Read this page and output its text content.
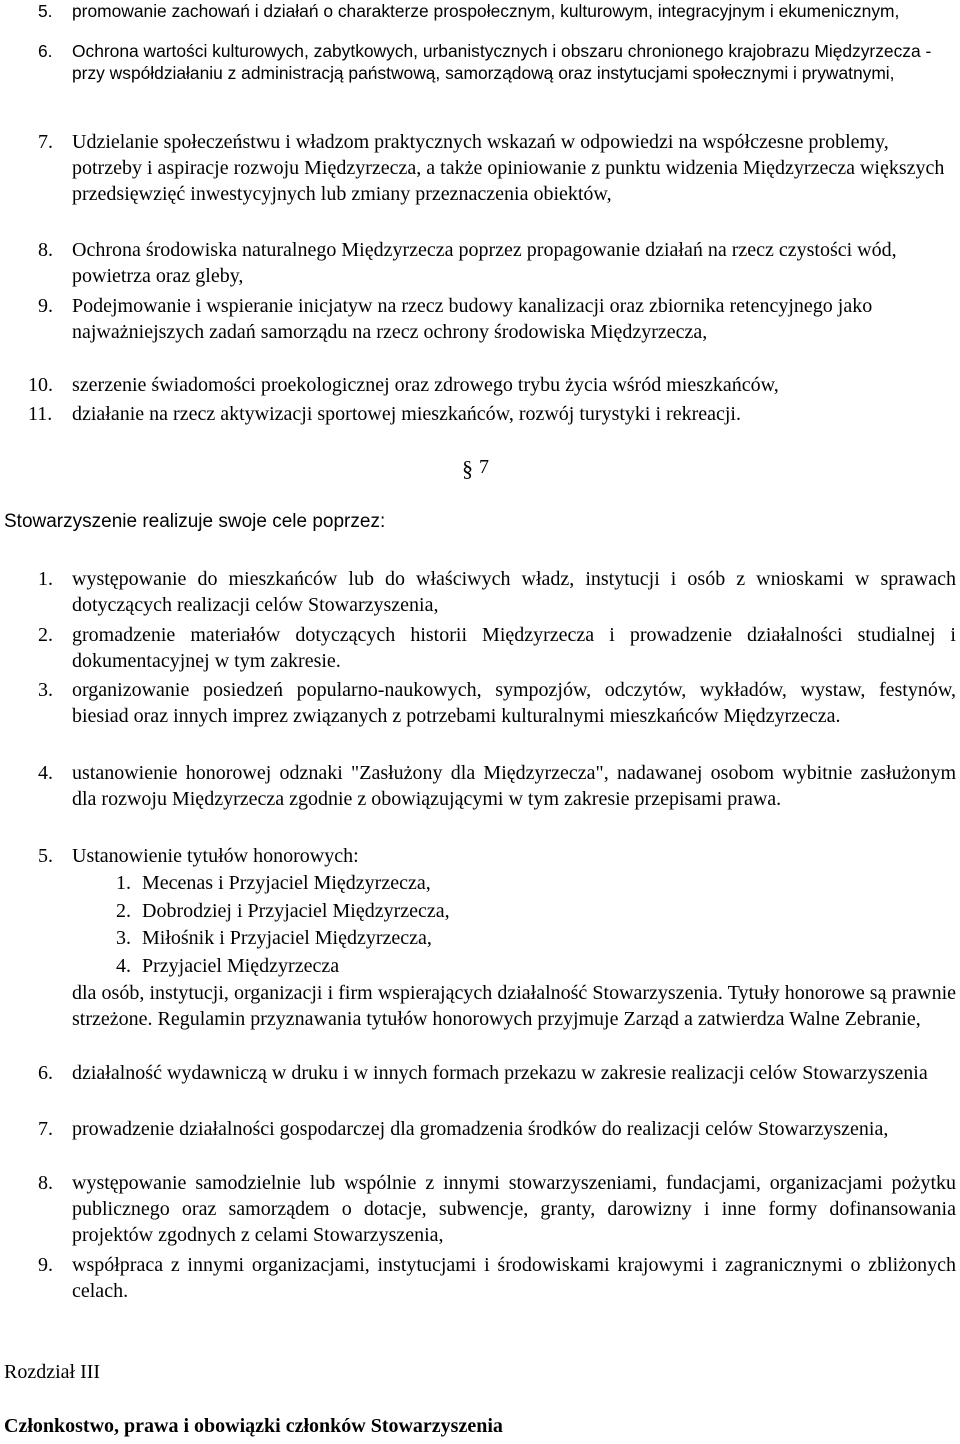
5. promowanie zachowań i działań o charakterze prospołecznym, kulturowym, integracyjnym i ekumenicznym,
6. Ochrona wartości kulturowych, zabytkowych, urbanistycznych i obszaru chronionego krajobrazu Międzyrzecza - przy współdziałaniu z administracją państwową, samorządową oraz instytucjami społecznymi i prywatnymi,
7. Udzielanie społeczeństwu i władzom praktycznych wskazań w odpowiedzi na współczesne problemy, potrzeby i aspiracje rozwoju Międzyrzecza, a także opiniowanie z punktu widzenia Międzyrzecza większych przedsięwzięć inwestycyjnych lub zmiany przeznaczenia obiektów,
8. Ochrona środowiska naturalnego Międzyrzecza poprzez propagowanie działań na rzecz czystości wód, powietrza oraz gleby,
9. Podejmowanie i wspieranie inicjatyw na rzecz budowy kanalizacji oraz zbiornika retencyjnego jako najważniejszych zadań samorządu na rzecz ochrony środowiska Międzyrzecza,
10. szerzenie świadomości proekologicznej oraz zdrowego trybu życia wśród mieszkańców,
11. działanie na rzecz aktywizacji sportowej mieszkańców, rozwój turystyki i rekreacji.
§ 7
Stowarzyszenie realizuje swoje cele poprzez:
1. występowanie do mieszkańców lub do właściwych władz, instytucji i osób z wnioskami w sprawach dotyczących realizacji celów Stowarzyszenia,
2. gromadzenie materiałów dotyczących historii Międzyrzecza i prowadzenie działalności studialnej i dokumentacyjnej w tym zakresie.
3. organizowanie posiedzeń popularno-naukowych, sympozjów, odczytów, wykładów, wystaw, festynów, biesiad oraz innych imprez związanych z potrzebami kulturalnymi mieszkańców Międzyrzecza.
4. ustanowienie honorowej odznaki "Zasłużony dla Międzyrzecza", nadawanej osobom wybitnie zasłużonym dla rozwoju Międzyrzecza zgodnie z obowiązującymi w tym zakresie przepisami prawa.
5. Ustanowienie tytułów honorowych:
1. Mecenas i Przyjaciel Międzyrzecza,
2. Dobrodziej i Przyjaciel Międzyrzecza,
3. Miłośnik i Przyjaciel Międzyrzecza,
4. Przyjaciel Międzyrzecza
dla osób, instytucji, organizacji i firm wspierających działalność Stowarzyszenia. Tytuły honorowe są prawnie strzeżone. Regulamin przyznawania tytułów honorowych przyjmuje Zarząd a zatwierdza Walne Zebranie,
6. działalność wydawniczą w druku i w innych formach przekazu w zakresie realizacji celów Stowarzyszenia
7. prowadzenie działalności gospodarczej dla gromadzenia środków do realizacji celów Stowarzyszenia,
8. występowanie samodzielnie lub wspólnie z innymi stowarzyszeniami, fundacjami, organizacjami pożytku publicznego oraz samorządem o dotacje, subwencje, granty, darowizny i inne formy dofinansowania projektów zgodnych z celami Stowarzyszenia,
9. współpraca z innymi organizacjami, instytucjami i środowiskami krajowymi i zagranicznymi o zbliżonych celach.
Rozdział III
Członkostwo, prawa i obowiązki członków Stowarzyszenia
